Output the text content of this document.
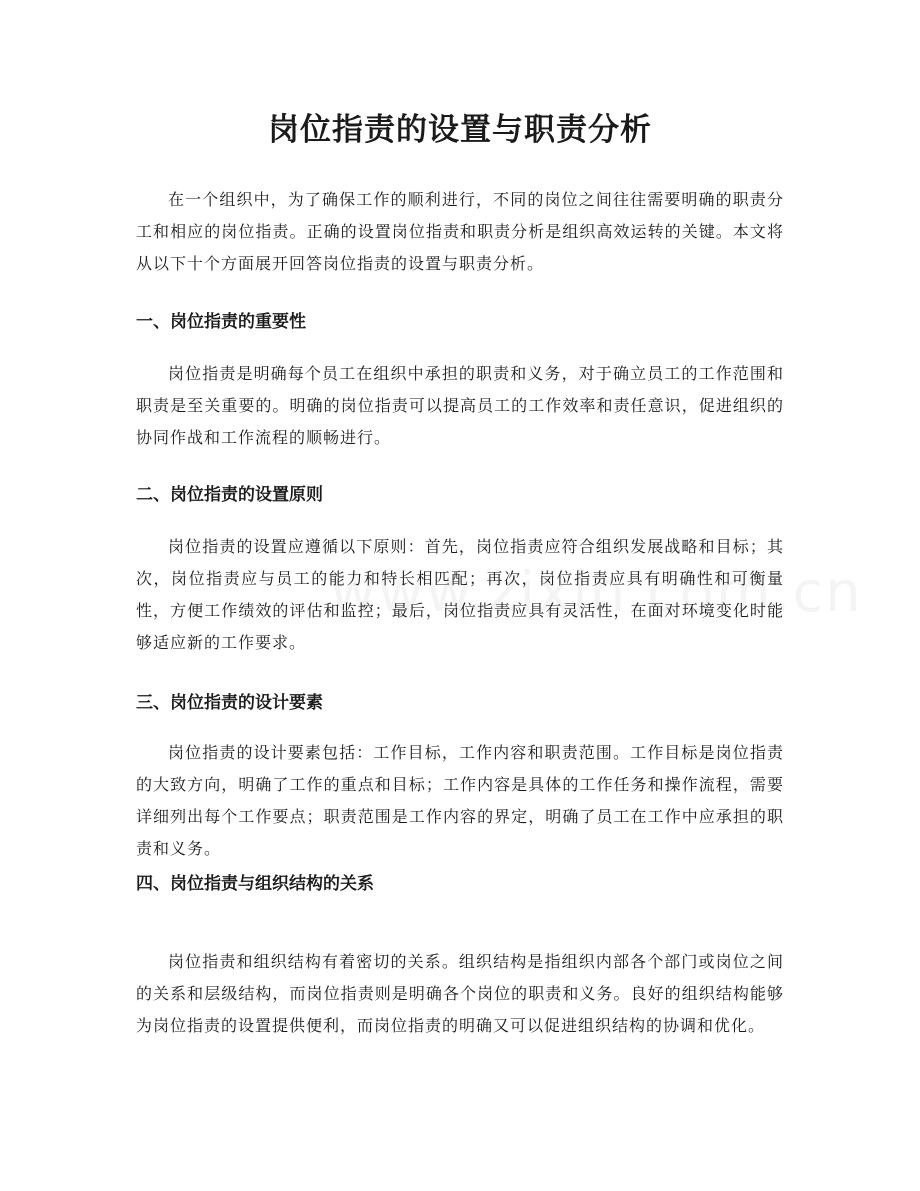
岗位指责的设置与职责分析

在一个组织中，为了确保工作的顺利进行，不同的岗位之间往往需要明确的职责分工和相应的岗位指责。正确的设置岗位指责和职责分析是组织高效运转的关键。本文将从以下十个方面展开回答岗位指责的设置与职责分析。

一、岗位指责的重要性

岗位指责是明确每个员工在组织中承担的职责和义务，对于确立员工的工作范围和职责是至关重要的。明确的岗位指责可以提高员工的工作效率和责任意识，促进组织的协同作战和工作流程的顺畅进行。

二、岗位指责的设置原则

岗位指责的设置应遵循以下原则：首先，岗位指责应符合组织发展战略和目标；其次，岗位指责应与员工的能力和特长相匹配；再次，岗位指责应具有明确性和可衡量性，方便工作绩效的评估和监控；最后，岗位指责应具有灵活性，在面对环境变化时能够适应新的工作要求。

三、岗位指责的设计要素

岗位指责的设计要素包括：工作目标，工作内容和职责范围。工作目标是岗位指责的大致方向，明确了工作的重点和目标；工作内容是具体的工作任务和操作流程，需要详细列出每个工作要点；职责范围是工作内容的界定，明确了员工在工作中应承担的职责和义务。

四、岗位指责与组织结构的关系

岗位指责和组织结构有着密切的关系。组织结构是指组织内部各个部门或岗位之间的关系和层级结构，而岗位指责则是明确各个岗位的职责和义务。良好的组织结构能够为岗位指责的设置提供便利，而岗位指责的明确又可以促进组织结构的协调和优化。
